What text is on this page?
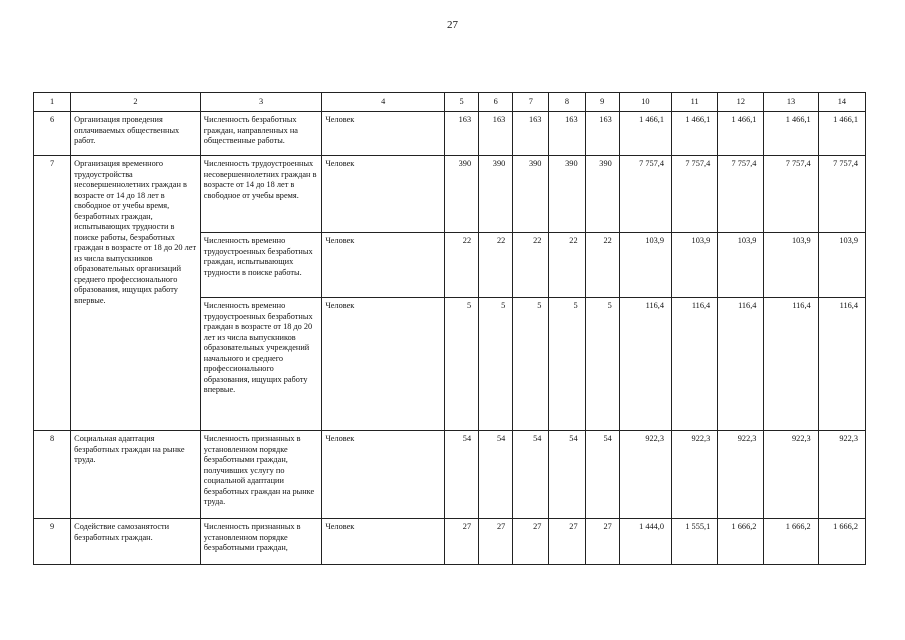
27
1	2	3	4	5	6	7	8	9	10	11	12	13	14
6	Организация проведения оплачиваемых общественных работ.	Численность безработных граждан, направленных на общественные работы.	Человек	163	163	163	163	163	1 466,1	1 466,1	1 466,1	1 466,1	1 466,1
7	Организация временного трудоустройства несовершеннолетних граждан в возрасте от 14 до 18 лет в свободное от учебы время, безработных граждан, испытывающих трудности в поиске работы, безработных граждан в возрасте от 18 до 20 лет из числа выпускников образовательных организаций среднего профессионального образования, ищущих работу впервые.	Численность трудоустроенных несовершеннолетних граждан в возрасте от 14 до 18 лет в свободное от учебы время.	Человек	390	390	390	390	390	7 757,4	7 757,4	7 757,4	7 757,4	7 757,4
		Численность временно трудоустроенных безработных граждан, испытывающих трудности в поиске работы.	Человек	22	22	22	22	22	103,9	103,9	103,9	103,9	103,9
		Численность временно трудоустроенных безработных граждан в возрасте от 18 до 20 лет из числа выпускников образовательных учреждений начального и среднего профессионального образования, ищущих работу впервые.	Человек	5	5	5	5	5	116,4	116,4	116,4	116,4	116,4
8	Социальная адаптация безработных граждан на рынке труда.	Численность признанных в установленном порядке безработными граждан, получивших услугу по социальной адаптации безработных граждан на рынке труда.	Человек	54	54	54	54	54	922,3	922,3	922,3	922,3	922,3
9	Содействие самозанятости безработных граждан.	Численность признанных в установленном порядке безработными граждан,	Человек	27	27	27	27	27	1 444,0	1 555,1	1 666,2	1 666,2	1 666,2
